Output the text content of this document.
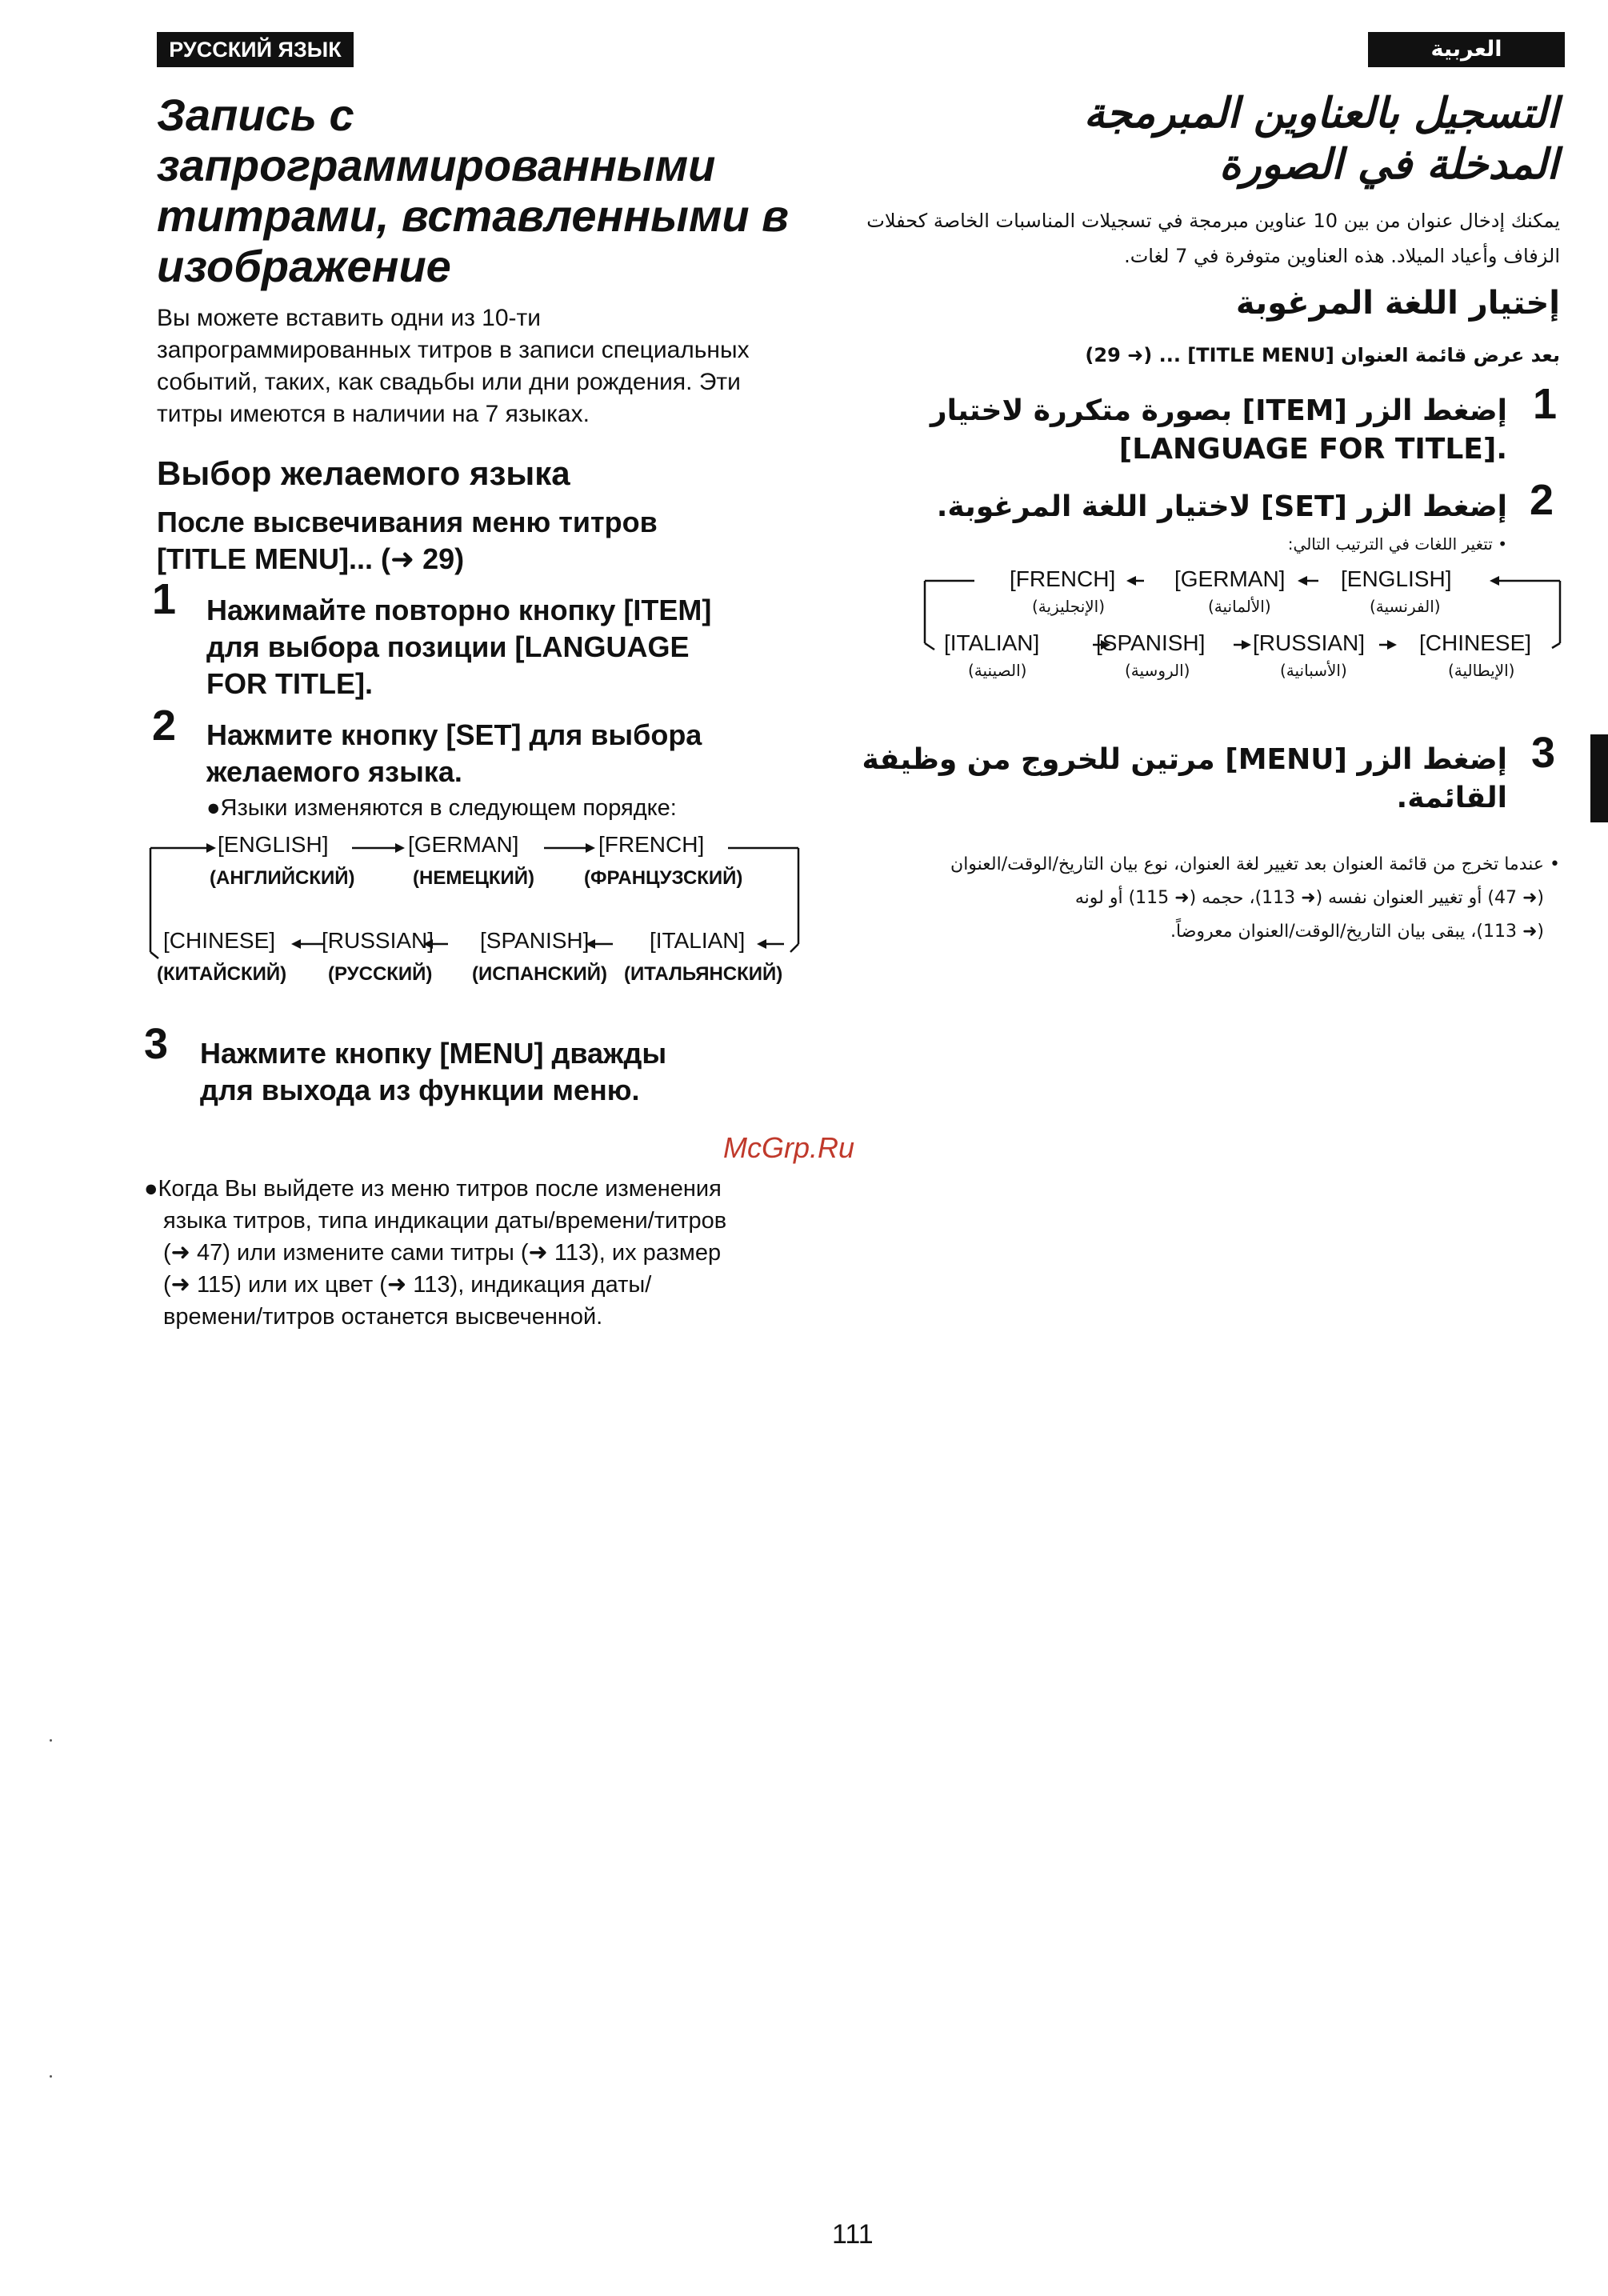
РУССКИЙ ЯЗЫК
Запись с
запрограммированными
титрами, вставленными в
изображение
Вы можете вставить одни из 10-ти
запрограммированных титров в записи специальных
событий, таких, как свадьбы или дни рождения. Эти
титры имеются в наличии на 7 языках.
Выбор желаемого языка
После высвечивания меню титров
[TITLE MENU]... (➜ 29)
1 Нажимайте повторно кнопку [ITEM]
для выбора позиции [LANGUAGE
FOR TITLE].
2 Нажмите кнопку [SET] для выбора
желаемого языка.
●Языки изменяются в следующем порядке:
[ENGLISH]	[GERMAN]	[FRENCH]
(АНГЛИЙСКИЙ)	(НЕМЕЦКИЙ)	(ФРАНЦУЗСКИЙ)
[CHINESE] [RUSSIAN] [SPANISH]	[ITALIAN]
(КИТАЙСКИЙ) (РУССКИЙ) (ИСПАНСКИЙ) (ИТАЛЬЯНСКИЙ)
3 Нажмите кнопку [MENU] дважды
для выхода из функции меню.
McGrp.Ru
●Когда Вы выйдете из меню титров после изменения
языка титров, типа индикации даты/времени/титров
(➜ 47) или измените сами титры (➜ 113), их размер
(➜ 115) или их цвет (➜ 113), индикация даты/
времени/титров останется высвеченной.
العربية
التسجيل بالعناوين المبرمجة
المدخلة في الصورة
يمكنك إدخال عنوان من بين 10 عناوين مبرمجة في تسجيلات المناسبات الخاصة كحفلات
الزفاف وأعياد الميلاد. هذه العناوين متوفرة في 7 لغات.
إختيار اللغة المرغوبة
بعد عرض قائمة العنوان [TITLE MENU] ... (➜ 29)
1
إضغط الزر [ITEM] بصورة متكررة لاختيار
[LANGUAGE FOR TITLE].
2
إضغط الزر [SET] لاختيار اللغة المرغوبة.
• تتغير اللغات في الترتيب التالي:
[FRENCH]	[GERMAN] [ENGLISH]
(الإنجليزية)	(الألمانية)	(الفرنسية)
[ITALIAN]	[SPANISH] [RUSSIAN] [CHINESE]
(الصينية)	(الروسية)	(الأسبانية)	(الإيطالية)
3
إضغط الزر [MENU] مرتين للخروج من وظيفة
القائمة.
• عندما تخرج من قائمة العنوان بعد تغيير لغة العنوان، نوع بيان التاريخ/الوقت/العنوان
(➜ 47) أو تغيير العنوان نفسه (➜ 113)، حجمه (➜ 115) أو لونه
(➜ 113)، يبقى بيان التاريخ/الوقت/العنوان معروضاً.
111
